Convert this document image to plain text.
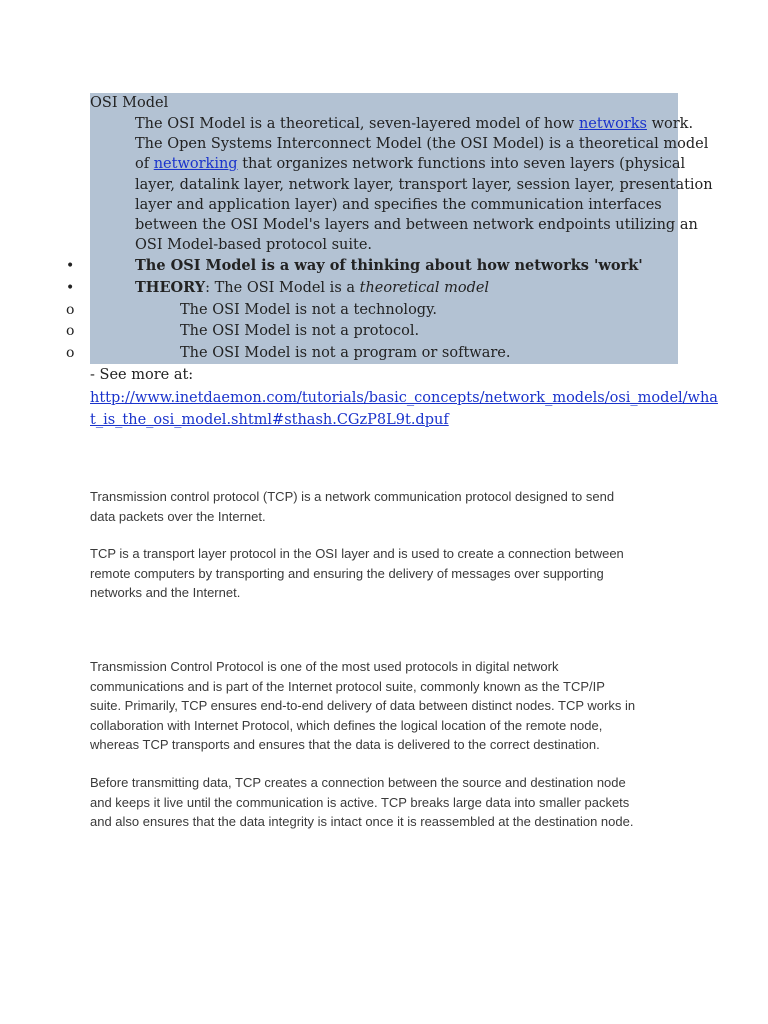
OSI Model
The OSI Model is a theoretical, seven-layered model of how networks work.
The Open Systems Interconnect Model (the OSI Model) is a theoretical model
of networking that organizes network functions into seven layers (physical
layer, datalink layer, network layer, transport layer, session layer, presentation
layer and application layer) and specifies the communication interfaces
between the OSI Model's layers and between network endpoints utilizing an
OSI Model-based protocol suite.
•	The OSI Model is a way of thinking about how networks 'work'
•	THEORY: The OSI Model is a theoretical model
o	The OSI Model is not a technology.
o	The OSI Model is not a protocol.
o	The OSI Model is not a program or software.
- See more at:
http://www.inetdaemon.com/tutorials/basic_concepts/network_models/osi_model/wha
t_is_the_osi_model.shtml#sthash.CGzP8L9t.dpuf
Transmission control protocol (TCP) is a network communication protocol designed to send
data packets over the Internet.
TCP is a transport layer protocol in the OSI layer and is used to create a connection between
remote computers by transporting and ensuring the delivery of messages over supporting
networks and the Internet.
Transmission Control Protocol is one of the most used protocols in digital network
communications and is part of the Internet protocol suite, commonly known as the TCP/IP
suite. Primarily, TCP ensures end-to-end delivery of data between distinct nodes. TCP works in
collaboration with Internet Protocol, which defines the logical location of the remote node,
whereas TCP transports and ensures that the data is delivered to the correct destination.
Before transmitting data, TCP creates a connection between the source and destination node
and keeps it live until the communication is active. TCP breaks large data into smaller packets
and also ensures that the data integrity is intact once it is reassembled at the destination node.
